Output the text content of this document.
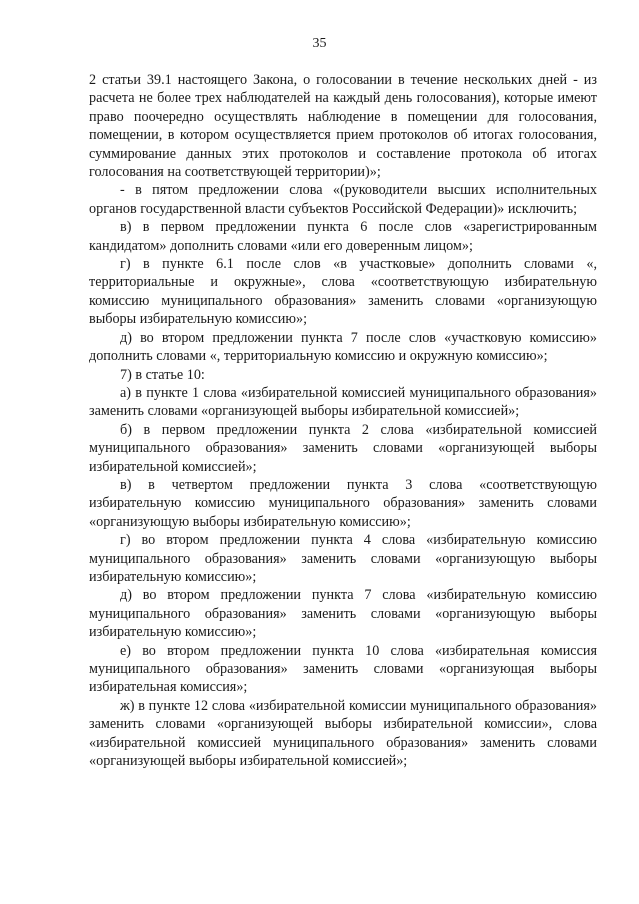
35

2 статьи 39.1 настоящего Закона, о голосовании в течение нескольких дней - из расчета не более трех наблюдателей на каждый день голосования), которые имеют право поочередно осуществлять наблюдение в помещении для голосования, помещении, в котором осуществляется прием протоколов об итогах голосования, суммирование данных этих протоколов и составление протокола об итогах голосования на соответствующей территории)»;

- в пятом предложении слова «(руководители высших исполнительных органов государственной власти субъектов Российской Федерации)» исключить;

в) в первом предложении пункта 6 после слов «зарегистрированным кандидатом» дополнить словами «или его доверенным лицом»;

г) в пункте 6.1 после слов «в участковые» дополнить словами «, территориальные и окружные», слова «соответствующую избирательную комиссию муниципального образования» заменить словами «организующую выборы избирательную комиссию»;

д) во втором предложении пункта 7 после слов «участковую комиссию» дополнить словами «, территориальную комиссию и окружную комиссию»;

7) в статье 10:

а) в пункте 1 слова «избирательной комиссией муниципального образования» заменить словами «организующей выборы избирательной комиссией»;

б) в первом предложении пункта 2 слова «избирательной комиссией муниципального образования» заменить словами «организующей выборы избирательной комиссией»;

в) в четвертом предложении пункта 3 слова «соответствующую избирательную комиссию муниципального образования» заменить словами «организующую выборы избирательную комиссию»;

г) во втором предложении пункта 4 слова «избирательную комиссию муниципального образования» заменить словами «организующую выборы избирательную комиссию»;

д) во втором предложении пункта 7 слова «избирательную комиссию муниципального образования» заменить словами «организующую выборы избирательную комиссию»;

е) во втором предложении пункта 10 слова «избирательная комиссия муниципального образования» заменить словами «организующая выборы избирательная комиссия»;

ж) в пункте 12 слова «избирательной комиссии муниципального образования» заменить словами «организующей выборы избирательной комиссии», слова «избирательной комиссией муниципального образования» заменить словами «организующей выборы избирательной комиссией»;
